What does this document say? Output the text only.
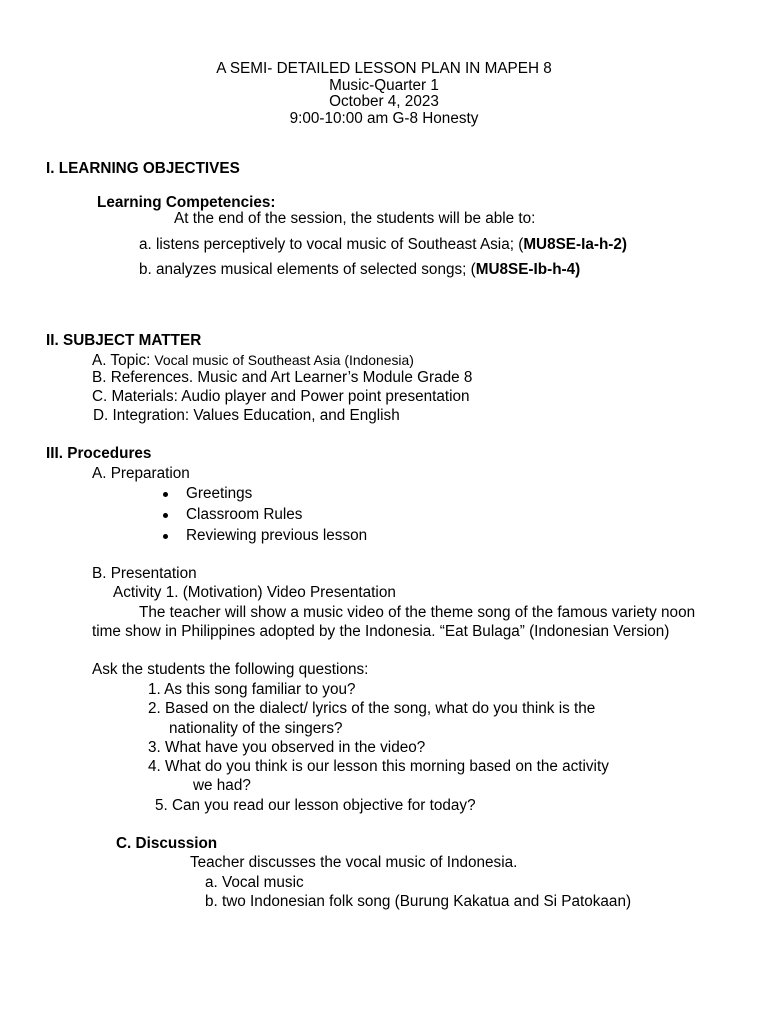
A SEMI- DETAILED LESSON PLAN IN MAPEH 8
Music-Quarter 1
October 4, 2023
9:00-10:00 am G-8 Honesty
I. LEARNING OBJECTIVES
Learning Competencies:
At the end of the session, the students will be able to:
a. listens perceptively to vocal music of Southeast Asia; (MU8SE-Ia-h-2)
b. analyzes musical elements of selected songs; (MU8SE-Ib-h-4)
II. SUBJECT MATTER
A. Topic: Vocal music of Southeast Asia (Indonesia)
B. References. Music and Art Learner’s Module Grade 8
C. Materials: Audio player and Power point presentation
D. Integration: Values Education, and English
III. Procedures
A. Preparation
Greetings
Classroom Rules
Reviewing previous lesson
B. Presentation
Activity 1. (Motivation) Video Presentation
The teacher will show a music video of the theme song of the famous variety noon
time show in Philippines adopted by the Indonesia. “Eat Bulaga” (Indonesian Version)
Ask the students the following questions:
1. As this song familiar to you?
2. Based on the dialect/ lyrics of the song, what do you think is the
nationality of the singers?
3. What have you observed in the video?
4. What do you think is our lesson this morning based on the activity
we had?
5. Can you read our lesson objective for today?
C. Discussion
Teacher discusses the vocal music of Indonesia.
a. Vocal music
b. two Indonesian folk song (Burung Kakatua and Si Patokaan)
